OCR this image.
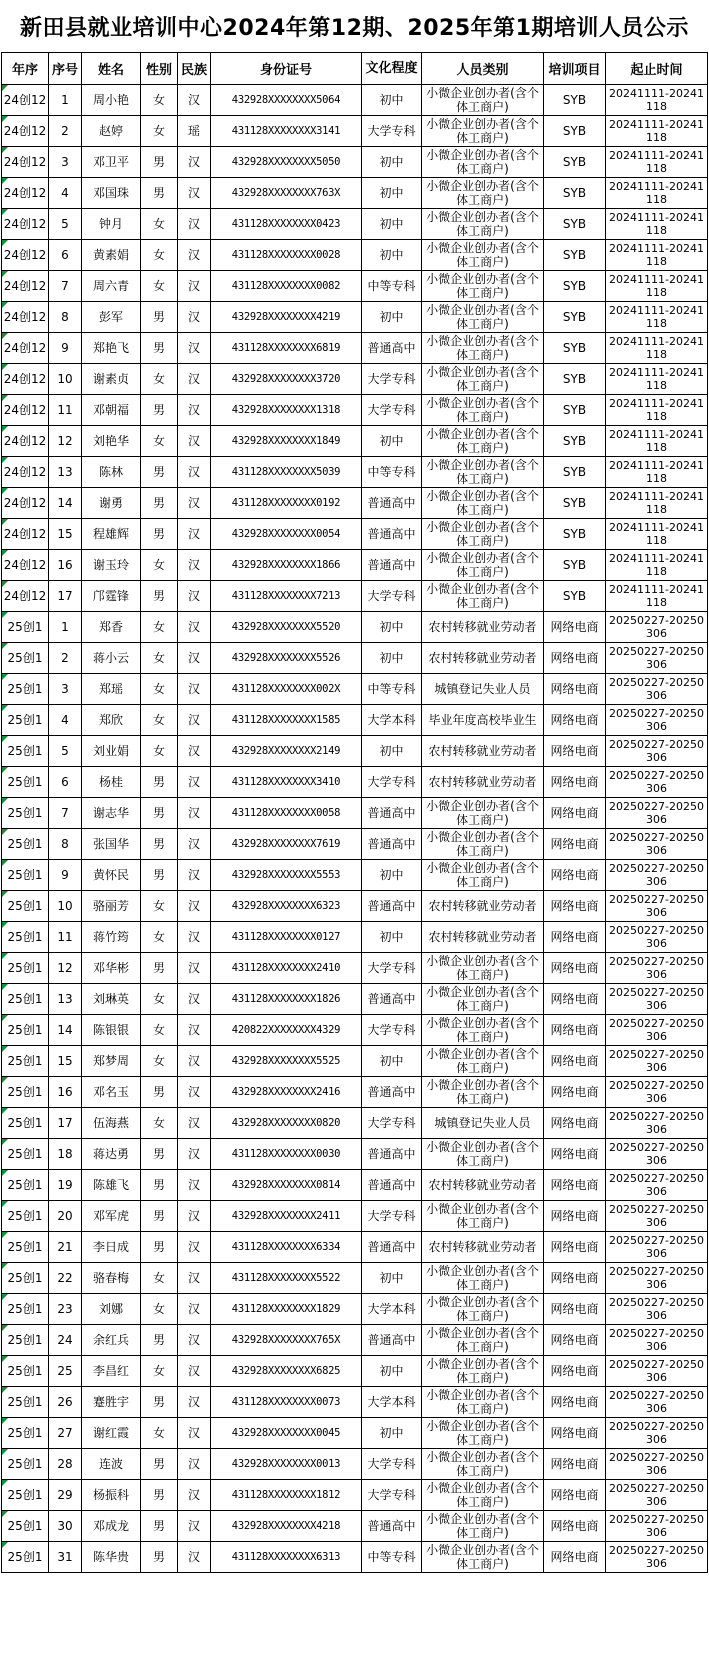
新田县就业培训中心2024年第12期、2025年第1期培训人员公示
年序	序号	姓名	性别	民族	身份证号	文化程度	人员类别	培训项目	起止时间
24创12	1	周小艳	女	汉	432928XXXXXXXX5064	初中	小微企业创办者(含个体工商户)	SYB	20241111-20241118
24创12	2	赵婷	女	瑶	431128XXXXXXXX3141	大学专科	小微企业创办者(含个体工商户)	SYB	20241111-20241118
24创12	3	邓卫平	男	汉	432928XXXXXXXX5050	初中	小微企业创办者(含个体工商户)	SYB	20241111-20241118
24创12	4	邓国珠	男	汉	432928XXXXXXXX763X	初中	小微企业创办者(含个体工商户)	SYB	20241111-20241118
24创12	5	钟月	女	汉	431128XXXXXXXX0423	初中	小微企业创办者(含个体工商户)	SYB	20241111-20241118
24创12	6	黄素娟	女	汉	431128XXXXXXXX0028	初中	小微企业创办者(含个体工商户)	SYB	20241111-20241118
24创12	7	周六青	女	汉	431128XXXXXXXX0082	中等专科	小微企业创办者(含个体工商户)	SYB	20241111-20241118
24创12	8	彭军	男	汉	432928XXXXXXXX4219	初中	小微企业创办者(含个体工商户)	SYB	20241111-20241118
24创12	9	郑艳飞	男	汉	431128XXXXXXXX6819	普通高中	小微企业创办者(含个体工商户)	SYB	20241111-20241118
24创12	10	谢素贞	女	汉	432928XXXXXXXX3720	大学专科	小微企业创办者(含个体工商户)	SYB	20241111-20241118
24创12	11	邓朝福	男	汉	432928XXXXXXXX1318	大学专科	小微企业创办者(含个体工商户)	SYB	20241111-20241118
24创12	12	刘艳华	女	汉	432928XXXXXXXX1849	初中	小微企业创办者(含个体工商户)	SYB	20241111-20241118
24创12	13	陈林	男	汉	431128XXXXXXXX5039	中等专科	小微企业创办者(含个体工商户)	SYB	20241111-20241118
24创12	14	谢勇	男	汉	431128XXXXXXXX0192	普通高中	小微企业创办者(含个体工商户)	SYB	20241111-20241118
24创12	15	程雄辉	男	汉	432928XXXXXXXX0054	普通高中	小微企业创办者(含个体工商户)	SYB	20241111-20241118
24创12	16	谢玉玲	女	汉	432928XXXXXXXX1866	普通高中	小微企业创办者(含个体工商户)	SYB	20241111-20241118
24创12	17	邝霆锋	男	汉	431128XXXXXXXX7213	大学专科	小微企业创办者(含个体工商户)	SYB	20241111-20241118
25创1	1	郑香	女	汉	432928XXXXXXXX5520	初中	农村转移就业劳动者	网络电商	20250227-20250306
25创1	2	蒋小云	女	汉	432928XXXXXXXX5526	初中	农村转移就业劳动者	网络电商	20250227-20250306
25创1	3	郑瑶	女	汉	431128XXXXXXXX002X	中等专科	城镇登记失业人员	网络电商	20250227-20250306
25创1	4	郑欣	女	汉	431128XXXXXXXX1585	大学本科	毕业年度高校毕业生	网络电商	20250227-20250306
25创1	5	刘业娟	女	汉	432928XXXXXXXX2149	初中	农村转移就业劳动者	网络电商	20250227-20250306
25创1	6	杨桂	男	汉	431128XXXXXXXX3410	大学专科	农村转移就业劳动者	网络电商	20250227-20250306
25创1	7	谢志华	男	汉	431128XXXXXXXX0058	普通高中	小微企业创办者(含个体工商户)	网络电商	20250227-20250306
25创1	8	张国华	男	汉	432928XXXXXXXX7619	普通高中	小微企业创办者(含个体工商户)	网络电商	20250227-20250306
25创1	9	黄怀民	男	汉	432928XXXXXXXX5553	初中	小微企业创办者(含个体工商户)	网络电商	20250227-20250306
25创1	10	骆丽芳	女	汉	432928XXXXXXXX6323	普通高中	农村转移就业劳动者	网络电商	20250227-20250306
25创1	11	蒋竹筠	女	汉	431128XXXXXXXX0127	初中	农村转移就业劳动者	网络电商	20250227-20250306
25创1	12	邓华彬	男	汉	431128XXXXXXXX2410	大学专科	小微企业创办者(含个体工商户)	网络电商	20250227-20250306
25创1	13	刘琳英	女	汉	431128XXXXXXXX1826	普通高中	小微企业创办者(含个体工商户)	网络电商	20250227-20250306
25创1	14	陈银银	女	汉	420822XXXXXXXX4329	大学专科	小微企业创办者(含个体工商户)	网络电商	20250227-20250306
25创1	15	郑梦周	女	汉	432928XXXXXXXX5525	初中	小微企业创办者(含个体工商户)	网络电商	20250227-20250306
25创1	16	邓名玉	男	汉	432928XXXXXXXX2416	普通高中	小微企业创办者(含个体工商户)	网络电商	20250227-20250306
25创1	17	伍海燕	女	汉	432928XXXXXXXX0820	大学专科	城镇登记失业人员	网络电商	20250227-20250306
25创1	18	蒋达勇	男	汉	431128XXXXXXXX0030	普通高中	小微企业创办者(含个体工商户)	网络电商	20250227-20250306
25创1	19	陈雄飞	男	汉	432928XXXXXXXX0814	普通高中	农村转移就业劳动者	网络电商	20250227-20250306
25创1	20	邓军虎	男	汉	432928XXXXXXXX2411	大学专科	小微企业创办者(含个体工商户)	网络电商	20250227-20250306
25创1	21	李日成	男	汉	431128XXXXXXXX6334	普通高中	农村转移就业劳动者	网络电商	20250227-20250306
25创1	22	骆春梅	女	汉	431128XXXXXXXX5522	初中	小微企业创办者(含个体工商户)	网络电商	20250227-20250306
25创1	23	刘娜	女	汉	431128XXXXXXXX1829	大学本科	小微企业创办者(含个体工商户)	网络电商	20250227-20250306
25创1	24	余红兵	男	汉	432928XXXXXXXX765X	普通高中	小微企业创办者(含个体工商户)	网络电商	20250227-20250306
25创1	25	李昌红	女	汉	432928XXXXXXXX6825	初中	小微企业创办者(含个体工商户)	网络电商	20250227-20250306
25创1	26	蹇胜宇	男	汉	431128XXXXXXXX0073	大学本科	小微企业创办者(含个体工商户)	网络电商	20250227-20250306
25创1	27	谢红霞	女	汉	432928XXXXXXXX0045	初中	小微企业创办者(含个体工商户)	网络电商	20250227-20250306
25创1	28	连波	男	汉	432928XXXXXXXX0013	大学专科	小微企业创办者(含个体工商户)	网络电商	20250227-20250306
25创1	29	杨振科	男	汉	431128XXXXXXXX1812	大学专科	小微企业创办者(含个体工商户)	网络电商	20250227-20250306
25创1	30	邓成龙	男	汉	432928XXXXXXXX4218	普通高中	小微企业创办者(含个体工商户)	网络电商	20250227-20250306
25创1	31	陈华贵	男	汉	431128XXXXXXXX6313	中等专科	小微企业创办者(含个体工商户)	网络电商	20250227-20250306
